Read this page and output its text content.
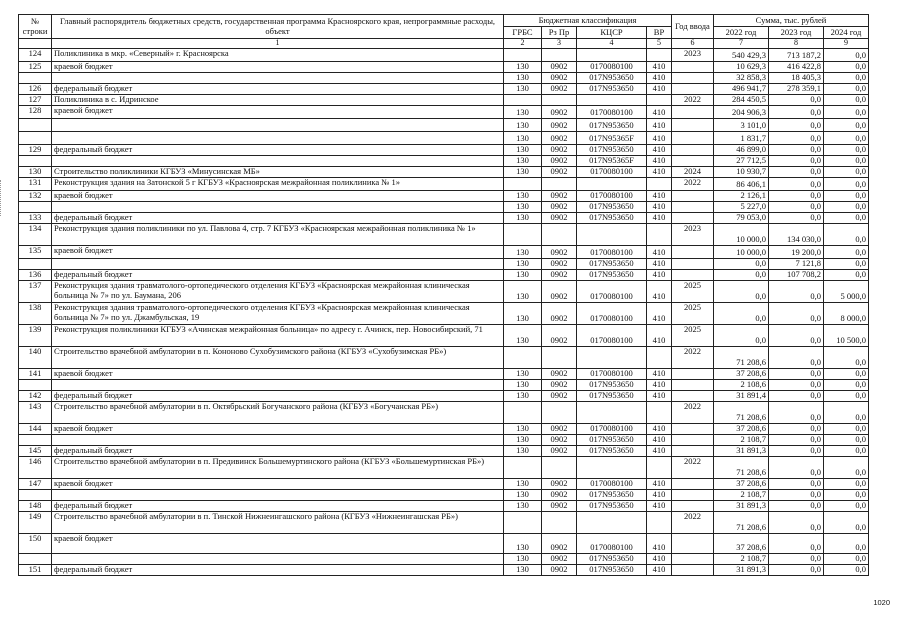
№ строки	Главный распорядитель бюджетных средств, государственная программа Красноярского края, непрограммные расходы, объект	Бюджетная классификация				Год ввода	Сумма, тыс. рублей		
		ГРБС	Рз Пр	КЦСР	ВР		2022 год	2023 год	2024 год
	1	2	3	4	5	6	7	8	9
124	Поликлиника в мкр. «Северный» г. Красноярска					2023	540 429,3	713 187,2	0,0
125	краевой бюджет	130	0902	0170080100	410		10 629,3	416 422,8	0,0
		130	0902	017N953650	410		32 858,3	18 405,3	0,0
126	федеральный бюджет	130	0902	017N953650	410		496 941,7	278 359,1	0,0
127	Поликлиника в с. Идринское					2022	284 450,5	0,0	0,0
128	краевой бюджет	130	0902	0170080100	410		204 906,3	0,0	0,0
		130	0902	017N953650	410		3 101,0	0,0	0,0
		130	0902	017N95365F	410		1 831,7	0,0	0,0
129	федеральный бюджет	130	0902	017N953650	410		46 899,0	0,0	0,0
		130	0902	017N95365F	410		27 712,5	0,0	0,0
130	Строительство поликлиники КГБУЗ «Минусинская МБ»	130	0902	0170080100	410	2024	10 930,7	0,0	0,0
131	Реконструкция здания на Затонской 5 г КГБУЗ «Красноярская межрайонная поликлиника № 1»					2022	86 406,1	0,0	0,0
132	краевой бюджет	130	0902	0170080100	410		2 126,1	0,0	0,0
		130	0902	017N953650	410		5 227,0	0,0	0,0
133	федеральный бюджет	130	0902	017N953650	410		79 053,0	0,0	0,0
134	Реконструкция здания поликлиники по ул. Павлова 4, стр. 7 КГБУЗ «Красноярская межрайонная поликлиника № 1»					2023	10 000,0	134 030,0	0,0
135	краевой бюджет	130	0902	0170080100	410		10 000,0	19 200,0	0,0
		130	0902	017N953650	410		0,0	7 121,8	0,0
136	федеральный бюджет	130	0902	017N953650	410		0,0	107 708,2	0,0
137	Реконструкция здания травматолого-ортопедического отделения КГБУЗ «Красноярская межрайонная клиническая больница № 7» по ул. Баумана, 206	130	0902	0170080100	410	2025	0,0	0,0	5 000,0
138	Реконструкция здания травматолого-ортопедического отделения КГБУЗ «Красноярская межрайонная клиническая больница № 7» по ул. Джамбульская, 19	130	0902	0170080100	410	2025	0,0	0,0	8 000,0
139	Реконструкция поликлиники КГБУЗ «Ачинская межрайонная больница» по адресу г. Ачинск, пер. Новосибирский, 71	130	0902	0170080100	410	2025	0,0	0,0	10 500,0
140	Строительство врачебной амбулатории в п. Кононово Сухобузимского района (КГБУЗ «Сухобузимская РБ»)					2022	71 208,6	0,0	0,0
141	краевой бюджет	130	0902	0170080100	410		37 208,6	0,0	0,0
		130	0902	017N953650	410		2 108,6	0,0	0,0
142	федеральный бюджет	130	0902	017N953650	410		31 891,4	0,0	0,0
143	Строительство врачебной амбулатории в п. Октябрьский Богучанского района (КГБУЗ «Богучанская РБ»)					2022	71 208,6	0,0	0,0
144	краевой бюджет	130	0902	0170080100	410		37 208,6	0,0	0,0
		130	0902	017N953650	410		2 108,7	0,0	0,0
145	федеральный бюджет	130	0902	017N953650	410		31 891,3	0,0	0,0
146	Строительство врачебной амбулатории в п. Предивинск Большемуртинского района (КГБУЗ «Большемуртинская РБ»)					2022	71 208,6	0,0	0,0
147	краевой бюджет	130	0902	0170080100	410		37 208,6	0,0	0,0
		130	0902	017N953650	410		2 108,7	0,0	0,0
148	федеральный бюджет	130	0902	017N953650	410		31 891,3	0,0	0,0
149	Строительство врачебной амбулатории в п. Тинской Нижнеингашского района (КГБУЗ «Нижнеингашская РБ»)					2022	71 208,6	0,0	0,0
150	краевой бюджет	130	0902	0170080100	410		37 208,6	0,0	0,0
		130	0902	017N953650	410		2 108,7	0,0	0,0
151	федеральный бюджет	130	0902	017N953650	410		31 891,3	0,0	0,0
1020
